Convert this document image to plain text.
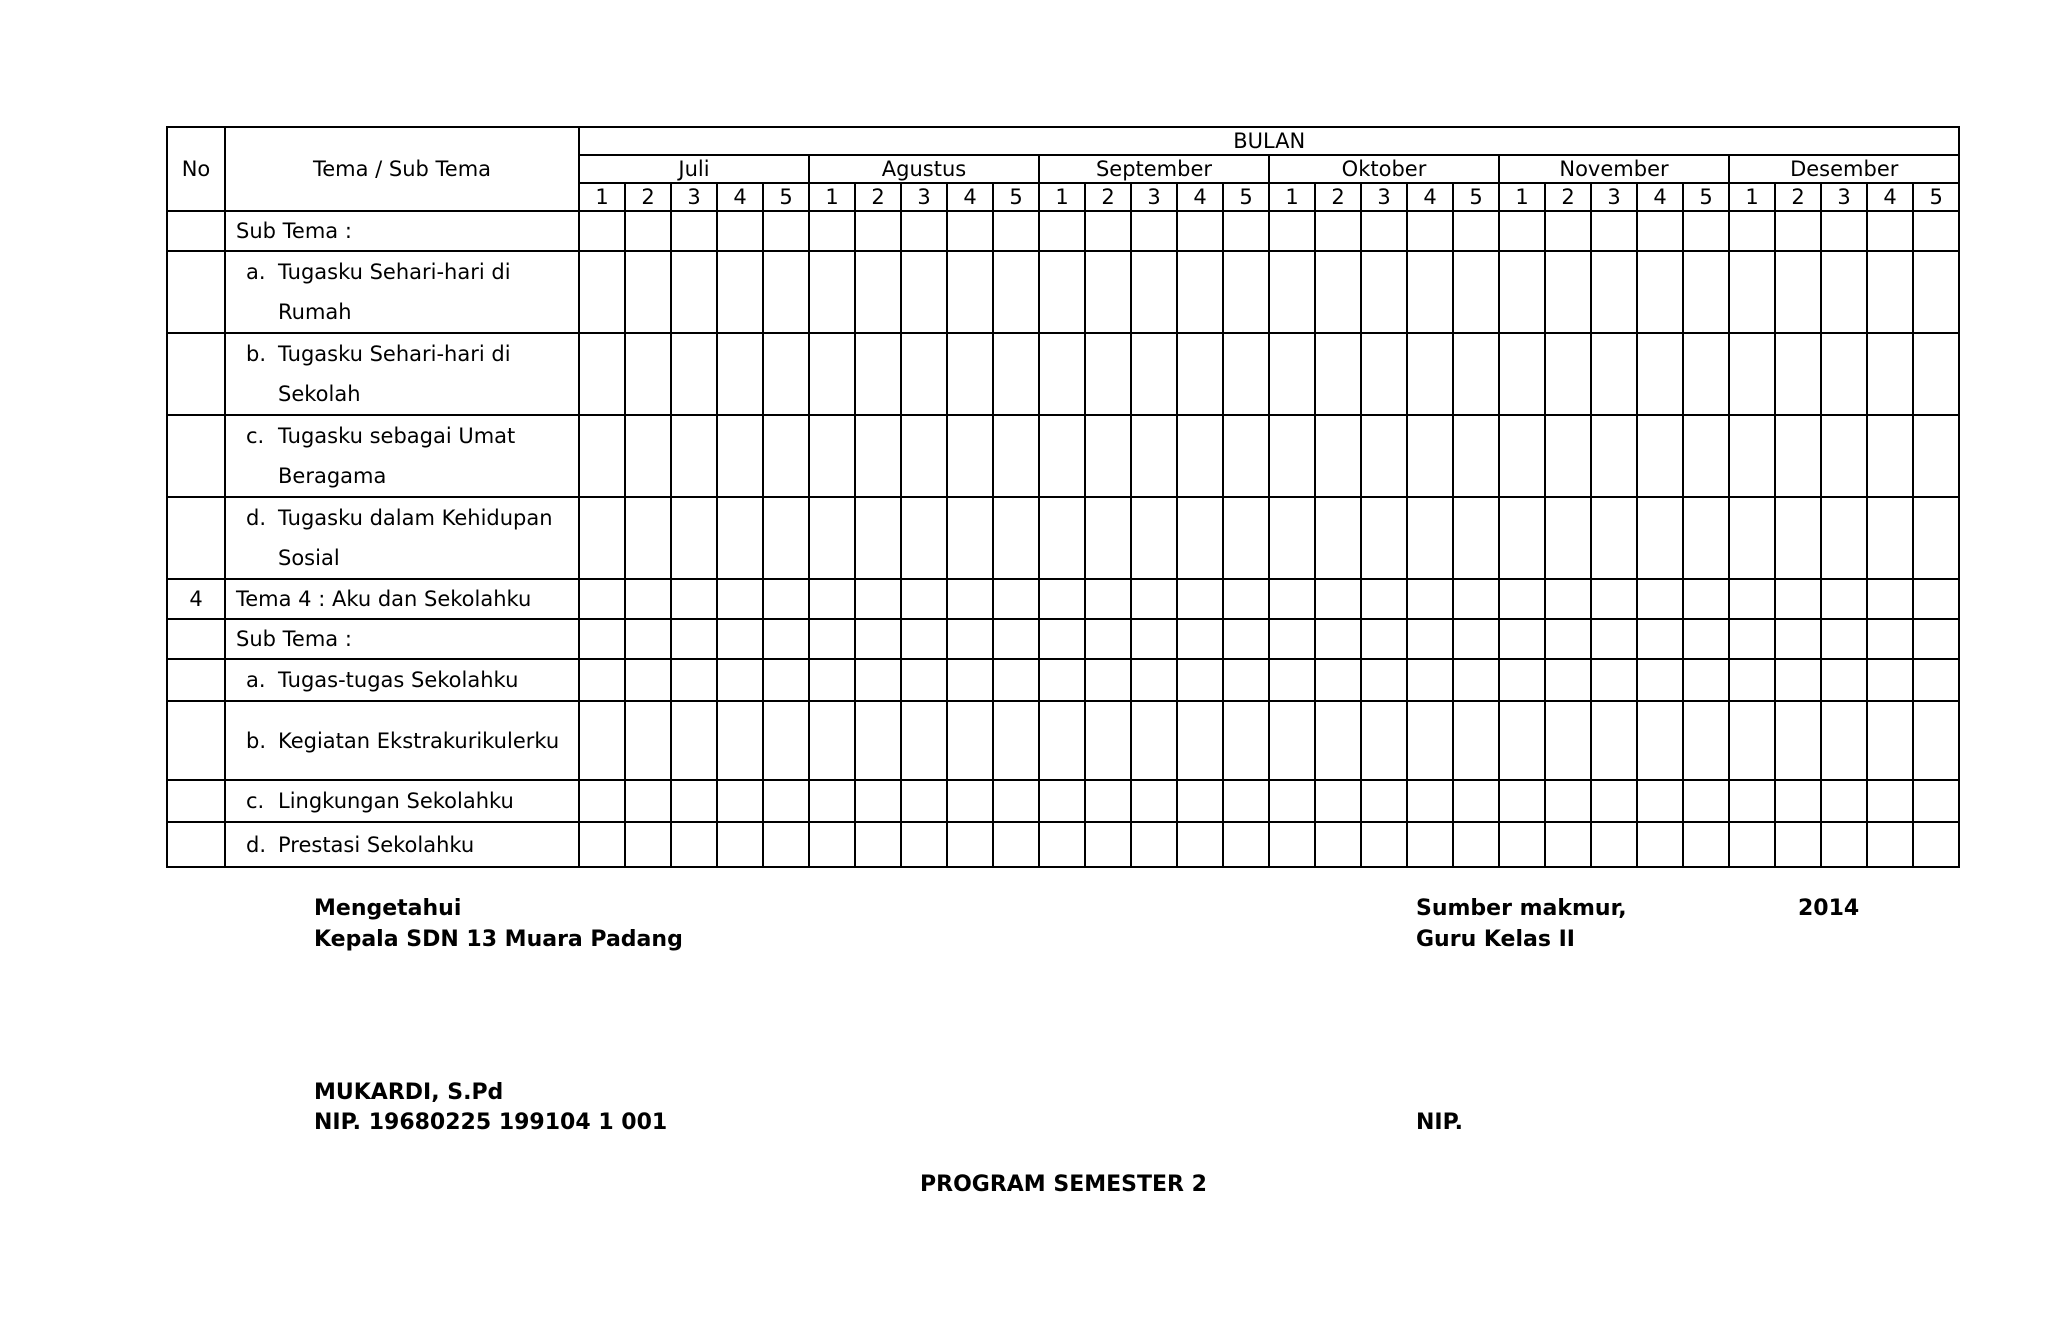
No	Tema / Sub Tema	BULAN																													
		Juli					Agustus					September					Oktober					November					Desember				
		1	2	3	4	5	1	2	3	4	5	1	2	3	4	5	1	2	3	4	5	1	2	3	4	5	1	2	3	4	5

	Sub Tema :																														

	a. Tugasku Sehari-hari di Rumah																														

	b. Tugasku Sehari-hari di Sekolah																														

	c. Tugasku sebagai Umat Beragama																														

	d. Tugasku dalam Kehidupan Sosial																														

4	Tema 4 : Aku dan Sekolahku																														

	Sub Tema :																														

	a. Tugas-tugas Sekolahku																														

	b. Kegiatan Ekstrakurikulerku																														

	c. Lingkungan Sekolahku																														

	d. Prestasi Sekolahku																														

Mengetahui
Kepala SDN 13 Muara Padang
MUKARDI, S.Pd
NIP. 19680225 199104 1 001
Sumber makmur,	2014
Guru Kelas II
NIP.
PROGRAM SEMESTER 2
